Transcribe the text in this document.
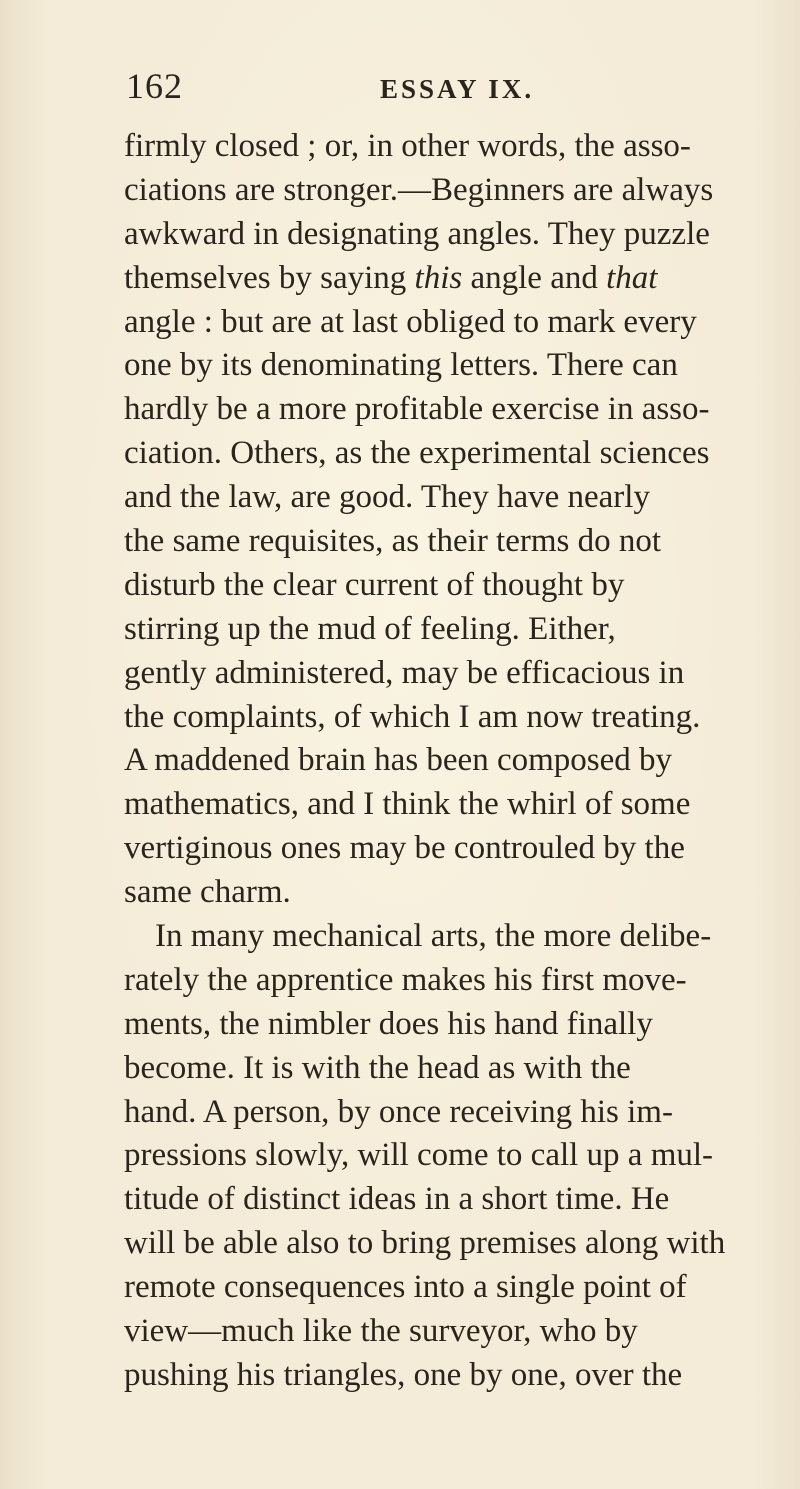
162	ESSAY IX.
firmly closed ; or, in other words, the asso-
ciations are stronger.—Beginners are always
awkward in designating angles. They puzzle
themselves by saying this angle and that
angle : but are at last obliged to mark every
one by its denominating letters. There can
hardly be a more profitable exercise in asso-
ciation. Others, as the experimental sciences
and the law, are good. They have nearly
the same requisites, as their terms do not
disturb the clear current of thought by
stirring up the mud of feeling. Either,
gently administered, may be efficacious in
the complaints, of which I am now treating.
A maddened brain has been composed by
mathematics, and I think the whirl of some
vertiginous ones may be controuled by the
same charm.
In many mechanical arts, the more delibe-
rately the apprentice makes his first move-
ments, the nimbler does his hand finally
become. It is with the head as with the
hand. A person, by once receiving his im-
pressions slowly, will come to call up a mul-
titude of distinct ideas in a short time. He
will be able also to bring premises along with
remote consequences into a single point of
view—much like the surveyor, who by
pushing his triangles, one by one, over the
